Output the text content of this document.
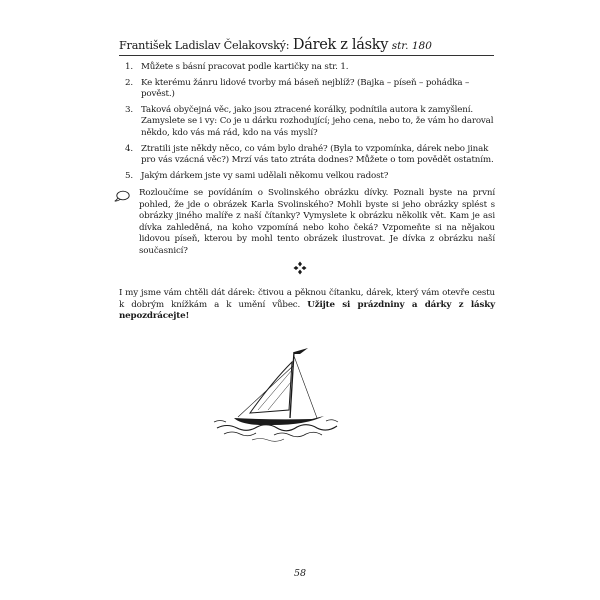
František Ladislav Čelakovský: Dárek z lásky str. 180
1. Můžete s básní pracovat podle kartičky na str. 1.
2. Ke kterému žánru lidové tvorby má báseň nejblíž? (Bajka – píseň – pohádka – pověst.)
3. Taková obyčejná věc, jako jsou ztracené korálky, podnítila autora k zamyšlení. Zamyslete se i vy: Co je u dárku rozhodující; jeho cena, nebo to, že vám ho daroval někdo, kdo vás má rád, kdo na vás myslí?
4. Ztratili jste někdy něco, co vám bylo drahé? (Byla to vzpomínka, dárek nebo jinak pro vás vzácná věc?) Mrzí vás tato ztráta dodnes? Můžete o tom povědět ostatním.
5. Jakým dárkem jste vy sami udělali někomu velkou radost?
Rozloučíme se povídáním o Svolinského obrázku dívky. Poznali byste na první pohled, že jde o obrázek Karla Svolinského? Mohli byste si jeho obrázky splést s obrázky jiného malíře z naší čítanky? Vymyslete k obrázku několik vět. Kam je asi dívka zahleděná, na koho vzpomíná nebo koho čeká? Vzpomeňte si na nějakou lidovou píseň, kterou by mohl tento obrázek ilustrovat. Je dívka z obrázku naší současnicí?
I my jsme vám chtěli dát dárek: čtivou a pěknou čítanku, dárek, který vám otevře cestu k dobrým knížkám a k umění vůbec. Užijte si prázdniny a dárky z lásky nepozdrácejte!
58
